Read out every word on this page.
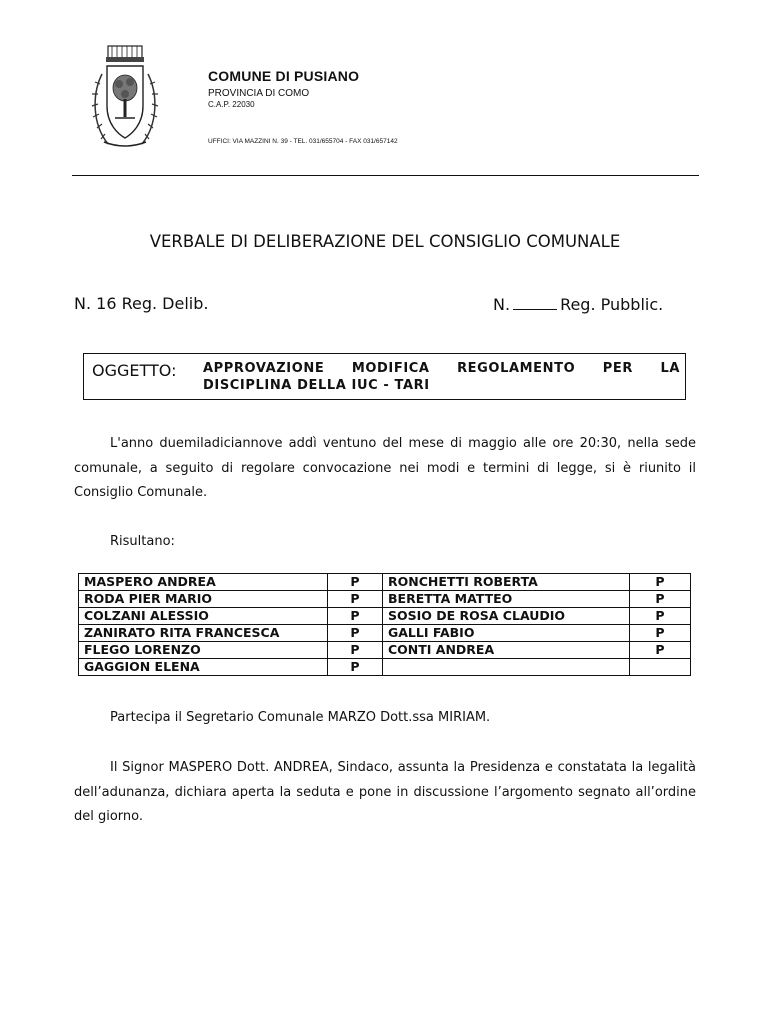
COMUNE DI PUSIANO
PROVINCIA DI COMO
C.A.P. 22030
UFFICI: VIA MAZZINI N. 39 - TEL. 031/655704 - FAX 031/657142
VERBALE DI DELIBERAZIONE DEL CONSIGLIO COMUNALE
N. 16 Reg. Delib.	N.	Reg. Pubblic.
OGGETTO: APPROVAZIONE MODIFICA REGOLAMENTO PER LA DISCIPLINA DELLA IUC - TARI
L'anno duemiladiciannove addì ventuno del mese di maggio alle ore 20:30, nella sede comunale, a seguito di regolare convocazione nei modi e termini di legge, si è riunito il Consiglio Comunale.
Risultano:
MASPERO ANDREA	P	RONCHETTI ROBERTA	P
RODA PIER MARIO	P	BERETTA MATTEO	P
COLZANI ALESSIO	P	SOSIO DE ROSA CLAUDIO	P
ZANIRATO RITA FRANCESCA	P	GALLI FABIO	P
FLEGO LORENZO	P	CONTI ANDREA	P
GAGGION ELENA	P		
Partecipa il Segretario Comunale MARZO Dott.ssa MIRIAM.
Il Signor MASPERO Dott. ANDREA, Sindaco, assunta la Presidenza e constatata la legalità dell’adunanza, dichiara aperta la seduta e pone in discussione l’argomento segnato all’ordine del giorno.
